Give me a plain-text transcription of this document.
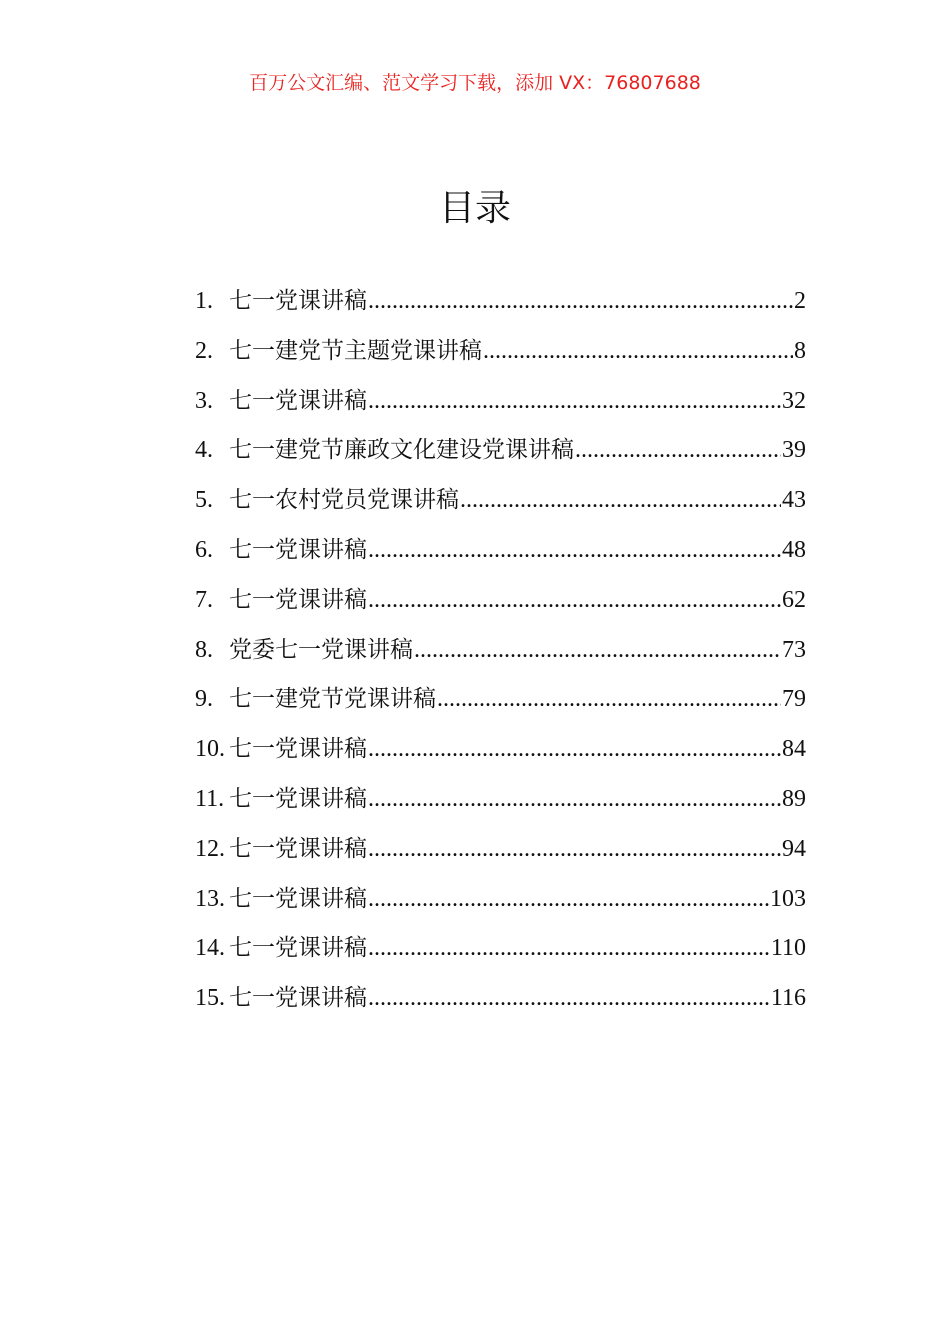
百万公文汇编、范文学习下载，添加 VX：76807688
目录
1. 七一党课讲稿 .....	2
2. 七一建党节主题党课讲稿 .....	8
3. 七一党课讲稿 .....	32
4. 七一建党节廉政文化建设党课讲稿 .....	39
5. 七一农村党员党课讲稿 .....	43
6. 七一党课讲稿 .....	48
7. 七一党课讲稿 .....	62
8. 党委七一党课讲稿 .....	73
9. 七一建党节党课讲稿 .....	79
10. 七一党课讲稿 .....	84
11. 七一党课讲稿 .....	89
12. 七一党课讲稿 .....	94
13. 七一党课讲稿 .....	103
14. 七一党课讲稿 .....	110
15. 七一党课讲稿 .....	116
